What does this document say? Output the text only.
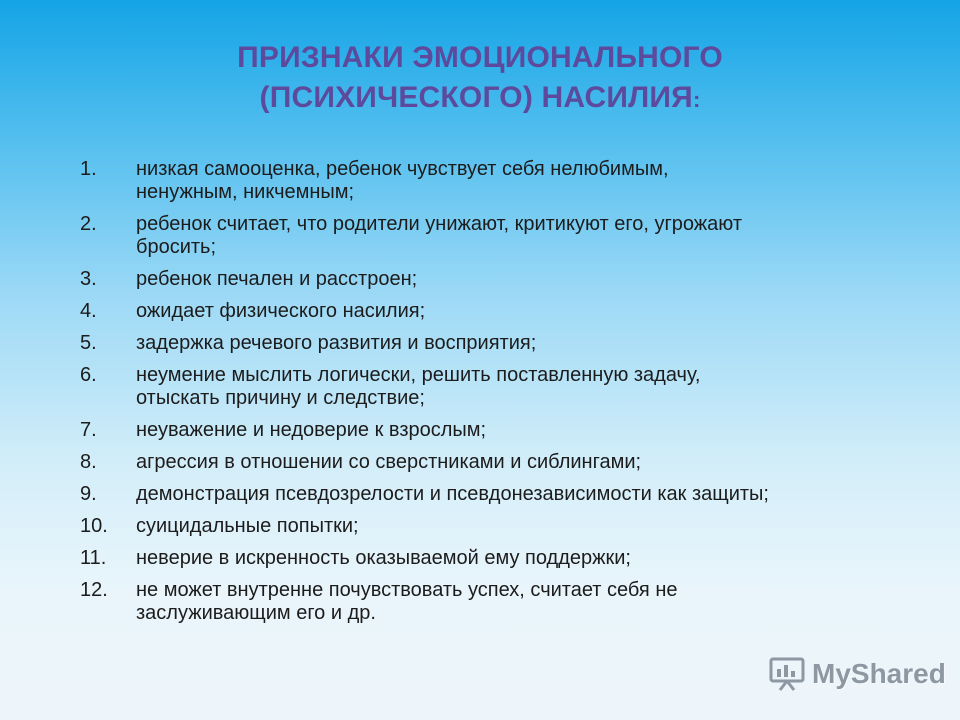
ПРИЗНАКИ ЭМОЦИОНАЛЬНОГО
(ПСИХИЧЕСКОГО) НАСИЛИЯ:
1.	низкая самооценка, ребенок чувствует себя нелюбимым,
ненужным, никчемным;
2.	ребенок считает, что родители унижают, критикуют его, угрожают
бросить;
3.	ребенок печален и расстроен;
4.	ожидает физического насилия;
5.	задержка речевого развития и восприятия;
6.	неумение мыслить логически, решить поставленную задачу,
отыскать причину и следствие;
7.	неуважение и недоверие к взрослым;
8.	агрессия в отношении со сверстниками и сиблингами;
9.	демонстрация псевдозрелости и псевдонезависимости как защиты;
10.	суицидальные попытки;
11.	неверие в искренность оказываемой ему поддержки;
12.	не может внутренне почувствовать успех, считает себя не
заслуживающим его и др.
MyShared
